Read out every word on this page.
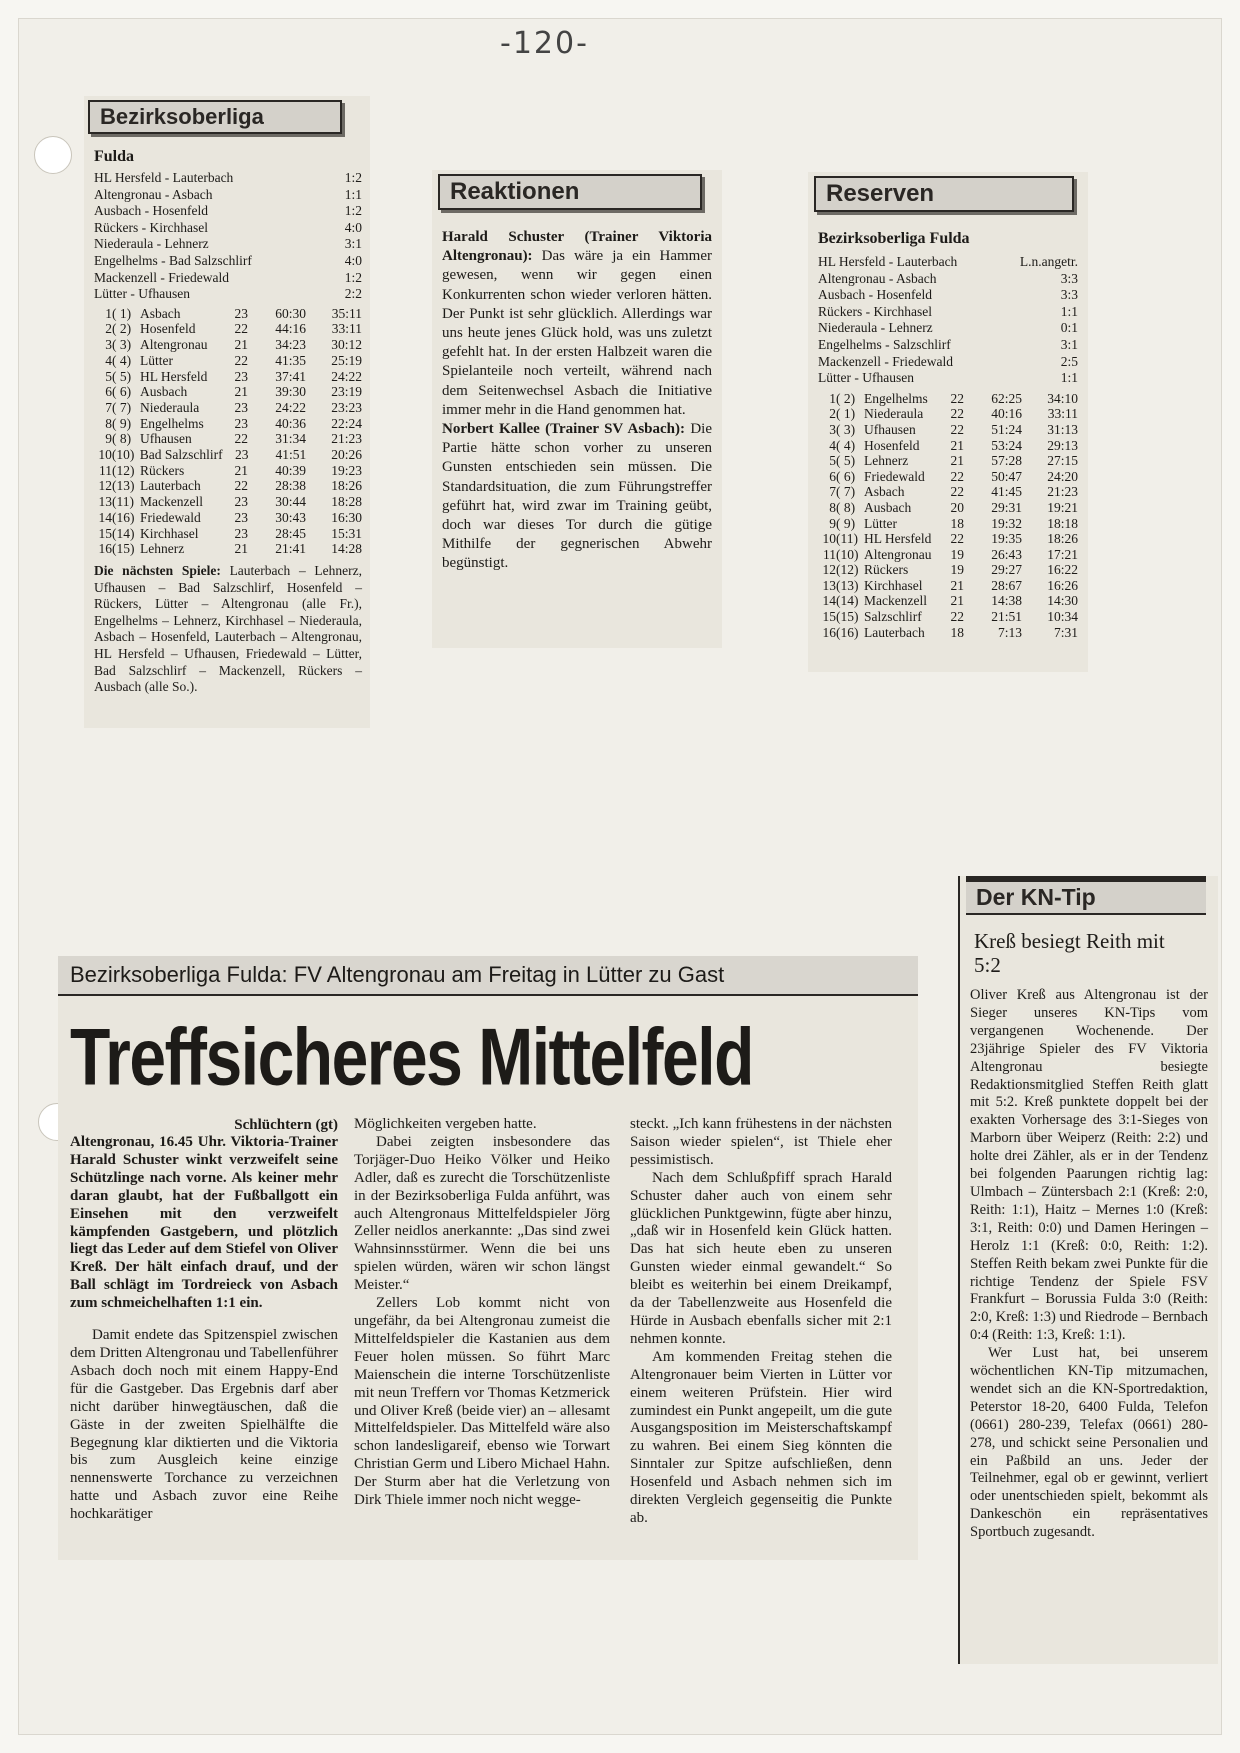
-120-
Bezirksoberliga
Fulda
HL Hersfeld - Lauterbach	1:2
Altengronau - Asbach	1:1
Ausbach - Hosenfeld	1:2
Rückers - Kirchhasel	4:0
Niederaula - Lehnerz	3:1
Engelhelms - Bad Salzschlirf	4:0
Mackenzell - Friedewald	1:2
Lütter - Ufhausen	2:2
1 ( 1) Asbach	23	60:30	35:11
2 ( 2) Hosenfeld	22	44:16	33:11
3 ( 3) Altengronau	21	34:23	30:12
4 ( 4) Lütter	22	41:35	25:19
5 ( 5) HL Hersfeld	23	37:41	24:22
6 ( 6) Ausbach	21	39:30	23:19
7 ( 7) Niederaula	23	24:22	23:23
8 ( 9) Engelhelms	23	40:36	22:24
9 ( 8) Ufhausen	22	31:34	21:23
10 (10) Bad Salzschlirf 23	41:51	20:26
11 (12) Rückers	21	40:39	19:23
12 (13) Lauterbach	22	28:38	18:26
13 (11) Mackenzell	23	30:44	18:28
14 (16) Friedewald	23	30:43	16:30
15 (14) Kirchhasel	23	28:45	15:31
16 (15) Lehnerz	21	21:41	14:28

Die nächsten Spiele: Lauterbach – Lehnerz, Ufhausen – Bad Salzschlirf, Hosenfeld – Rückers, Lütter – Altengronau (alle Fr.), Engelhelms – Lehnerz, Kirchhasel – Niederaula, Asbach – Hosenfeld, Lauterbach – Altengronau, HL Hersfeld – Ufhausen, Friedewald – Lütter, Bad Salzschlirf – Mackenzell, Rückers – Ausbach (alle So.).

Reaktionen

Harald Schuster (Trainer Viktoria Altengronau): Das wäre ja ein Hammer gewesen, wenn wir gegen einen Konkurrenten schon wieder verloren hätten. Der Punkt ist sehr glücklich. Allerdings war uns heute jenes Glück hold, was uns zuletzt gefehlt hat. In der ersten Halbzeit waren die Spielanteile noch verteilt, während nach dem Seitenwechsel Asbach die Initiative immer mehr in die Hand genommen hat.

Norbert Kallee (Trainer SV Asbach): Die Partie hätte schon vorher zu unseren Gunsten entschieden sein müssen. Die Standardsituation, die zum Führungstreffer geführt hat, wird zwar im Training geübt, doch war dieses Tor durch die gütige Mithilfe der gegnerischen Abwehr begünstigt.

Reserven
Bezirksoberliga Fulda
HL Hersfeld - Lauterbach	L.n.angetr.
Altengronau - Asbach	3:3
Ausbach - Hosenfeld	3:3
Rückers - Kirchhasel	1:1
Niederaula - Lehnerz	0:1
Engelhelms - Salzschlirf	3:1
Mackenzell - Friedewald	2:5
Lütter - Ufhausen	1:1
1 ( 2) Engelhelms	22	62:25	34:10
2 ( 1) Niederaula	22	40:16	33:11
3 ( 3) Ufhausen	22	51:24	31:13
4 ( 4) Hosenfeld	21	53:24	29:13
5 ( 5) Lehnerz	21	57:28	27:15
6 ( 6) Friedewald	22	50:47	24:20
7 ( 7) Asbach	22	41:45	21:23
8 ( 8) Ausbach	20	29:31	19:21
9 ( 9) Lütter	18	19:32	18:18
10 (11) HL Hersfeld	22	19:35	18:26
11 (10) Altengronau	19	26:43	17:21
12 (12) Rückers	19	29:27	16:22
13 (13) Kirchhasel	21	28:67	16:26
14 (14) Mackenzell	21	14:38	14:30
15 (15) Salzschlirf	22	21:51	10:34
16 (16) Lauterbach	18	7:13	7:31
Der KN-Tip
Kreß besiegt Reith mit 5:2

Oliver Kreß aus Altengronau ist der Sieger unseres KN-Tips vom vergangenen Wochenende. Der 23jährige Spieler des FV Viktoria Altengronau besiegte Redaktionsmitglied Steffen Reith glatt mit 5:2. Kreß punktete doppelt bei der exakten Vorhersage des 3:1-Sieges von Marborn über Weiperz (Reith: 2:2) und holte drei Zähler, als er in der Tendenz bei folgenden Paarungen richtig lag: Ulmbach – Züntersbach 2:1 (Kreß: 2:0, Reith: 1:1), Haitz – Mernes 1:0 (Kreß: 3:1, Reith: 0:0) und Damen Heringen – Herolz 1:1 (Kreß: 0:0, Reith: 1:2). Steffen Reith bekam zwei Punkte für die richtige Tendenz der Spiele FSV Frankfurt – Borussia Fulda 3:0 (Reith: 2:0, Kreß: 1:3) und Riedrode – Bernbach 0:4 (Reith: 1:3, Kreß: 1:1).

Wer Lust hat, bei unserem wöchentlichen KN-Tip mitzumachen, wendet sich an die KN-Sportredaktion, Peterstor 18-20, 6400 Fulda, Telefon (0661) 280-239, Telefax (0661) 280-278, und schickt seine Personalien und ein Paßbild an uns. Jeder der Teilnehmer, egal ob er gewinnt, verliert oder unentschieden spielt, bekommt als Dankeschön ein repräsentatives Sportbuch zugesandt.

Bezirksoberliga Fulda: FV Altengronau am Freitag in Lütter zu Gast
Treffsicheres Mittelfeld
Schlüchtern (gt)

Altengronau, 16.45 Uhr. Viktoria-Trainer Harald Schuster winkt verzweifelt seine Schützlinge nach vorne. Als keiner mehr daran glaubt, hat der Fußballgott ein Einsehen mit den verzweifelt kämpfenden Gastgebern, und plötzlich liegt das Leder auf dem Stiefel von Oliver Kreß. Der hält einfach drauf, und der Ball schlägt im Tordreieck von Asbach zum schmeichelhaften 1:1 ein.

Damit endete das Spitzenspiel zwischen dem Dritten Altengronau und Tabellenführer Asbach doch noch mit einem Happy-End für die Gastgeber. Das Ergebnis darf aber nicht darüber hinwegtäuschen, daß die Gäste in der zweiten Spielhälfte die Begegnung klar diktierten und die Viktoria bis zum Ausgleich keine einzige nennenswerte Torchance zu verzeichnen hatte und Asbach zuvor eine Reihe hochkarätiger

Möglichkeiten vergeben hatte.

Dabei zeigten insbesondere das Torjäger-Duo Heiko Völker und Heiko Adler, daß es zurecht die Torschützenliste in der Bezirksoberliga Fulda anführt, was auch Altengronaus Mittelfeldspieler Jörg Zeller neidlos anerkannte: „Das sind zwei Wahnsinnsstürmer. Wenn die bei uns spielen würden, wären wir schon längst Meister.“

Zellers Lob kommt nicht von ungefähr, da bei Altengronau zumeist die Mittelfeldspieler die Kastanien aus dem Feuer holen müssen. So führt Marc Maienschein die interne Torschützenliste mit neun Treffern vor Thomas Ketzmerick und Oliver Kreß (beide vier) an – allesamt Mittelfeldspieler. Das Mittelfeld wäre also schon landesligareif, ebenso wie Torwart Christian Germ und Libero Michael Hahn. Der Sturm aber hat die Verletzung von Dirk Thiele immer noch nicht wegge-

steckt. „Ich kann frühestens in der nächsten Saison wieder spielen“, ist Thiele eher pessimistisch.

Nach dem Schlußpfiff sprach Harald Schuster daher auch von einem sehr glücklichen Punktgewinn, fügte aber hinzu, „daß wir in Hosenfeld kein Glück hatten. Das hat sich heute eben zu unseren Gunsten wieder einmal gewandelt.“ So bleibt es weiterhin bei einem Dreikampf, da der Tabellenzweite aus Hosenfeld die Hürde in Ausbach ebenfalls sicher mit 2:1 nehmen konnte.

Am kommenden Freitag stehen die Altengronauer beim Vierten in Lütter vor einem weiteren Prüfstein. Hier wird zumindest ein Punkt angepeilt, um die gute Ausgangsposition im Meisterschaftskampf zu wahren. Bei einem Sieg könnten die Sinntaler zur Spitze aufschließen, denn Hosenfeld und Asbach nehmen sich im direkten Vergleich gegenseitig die Punkte ab.
